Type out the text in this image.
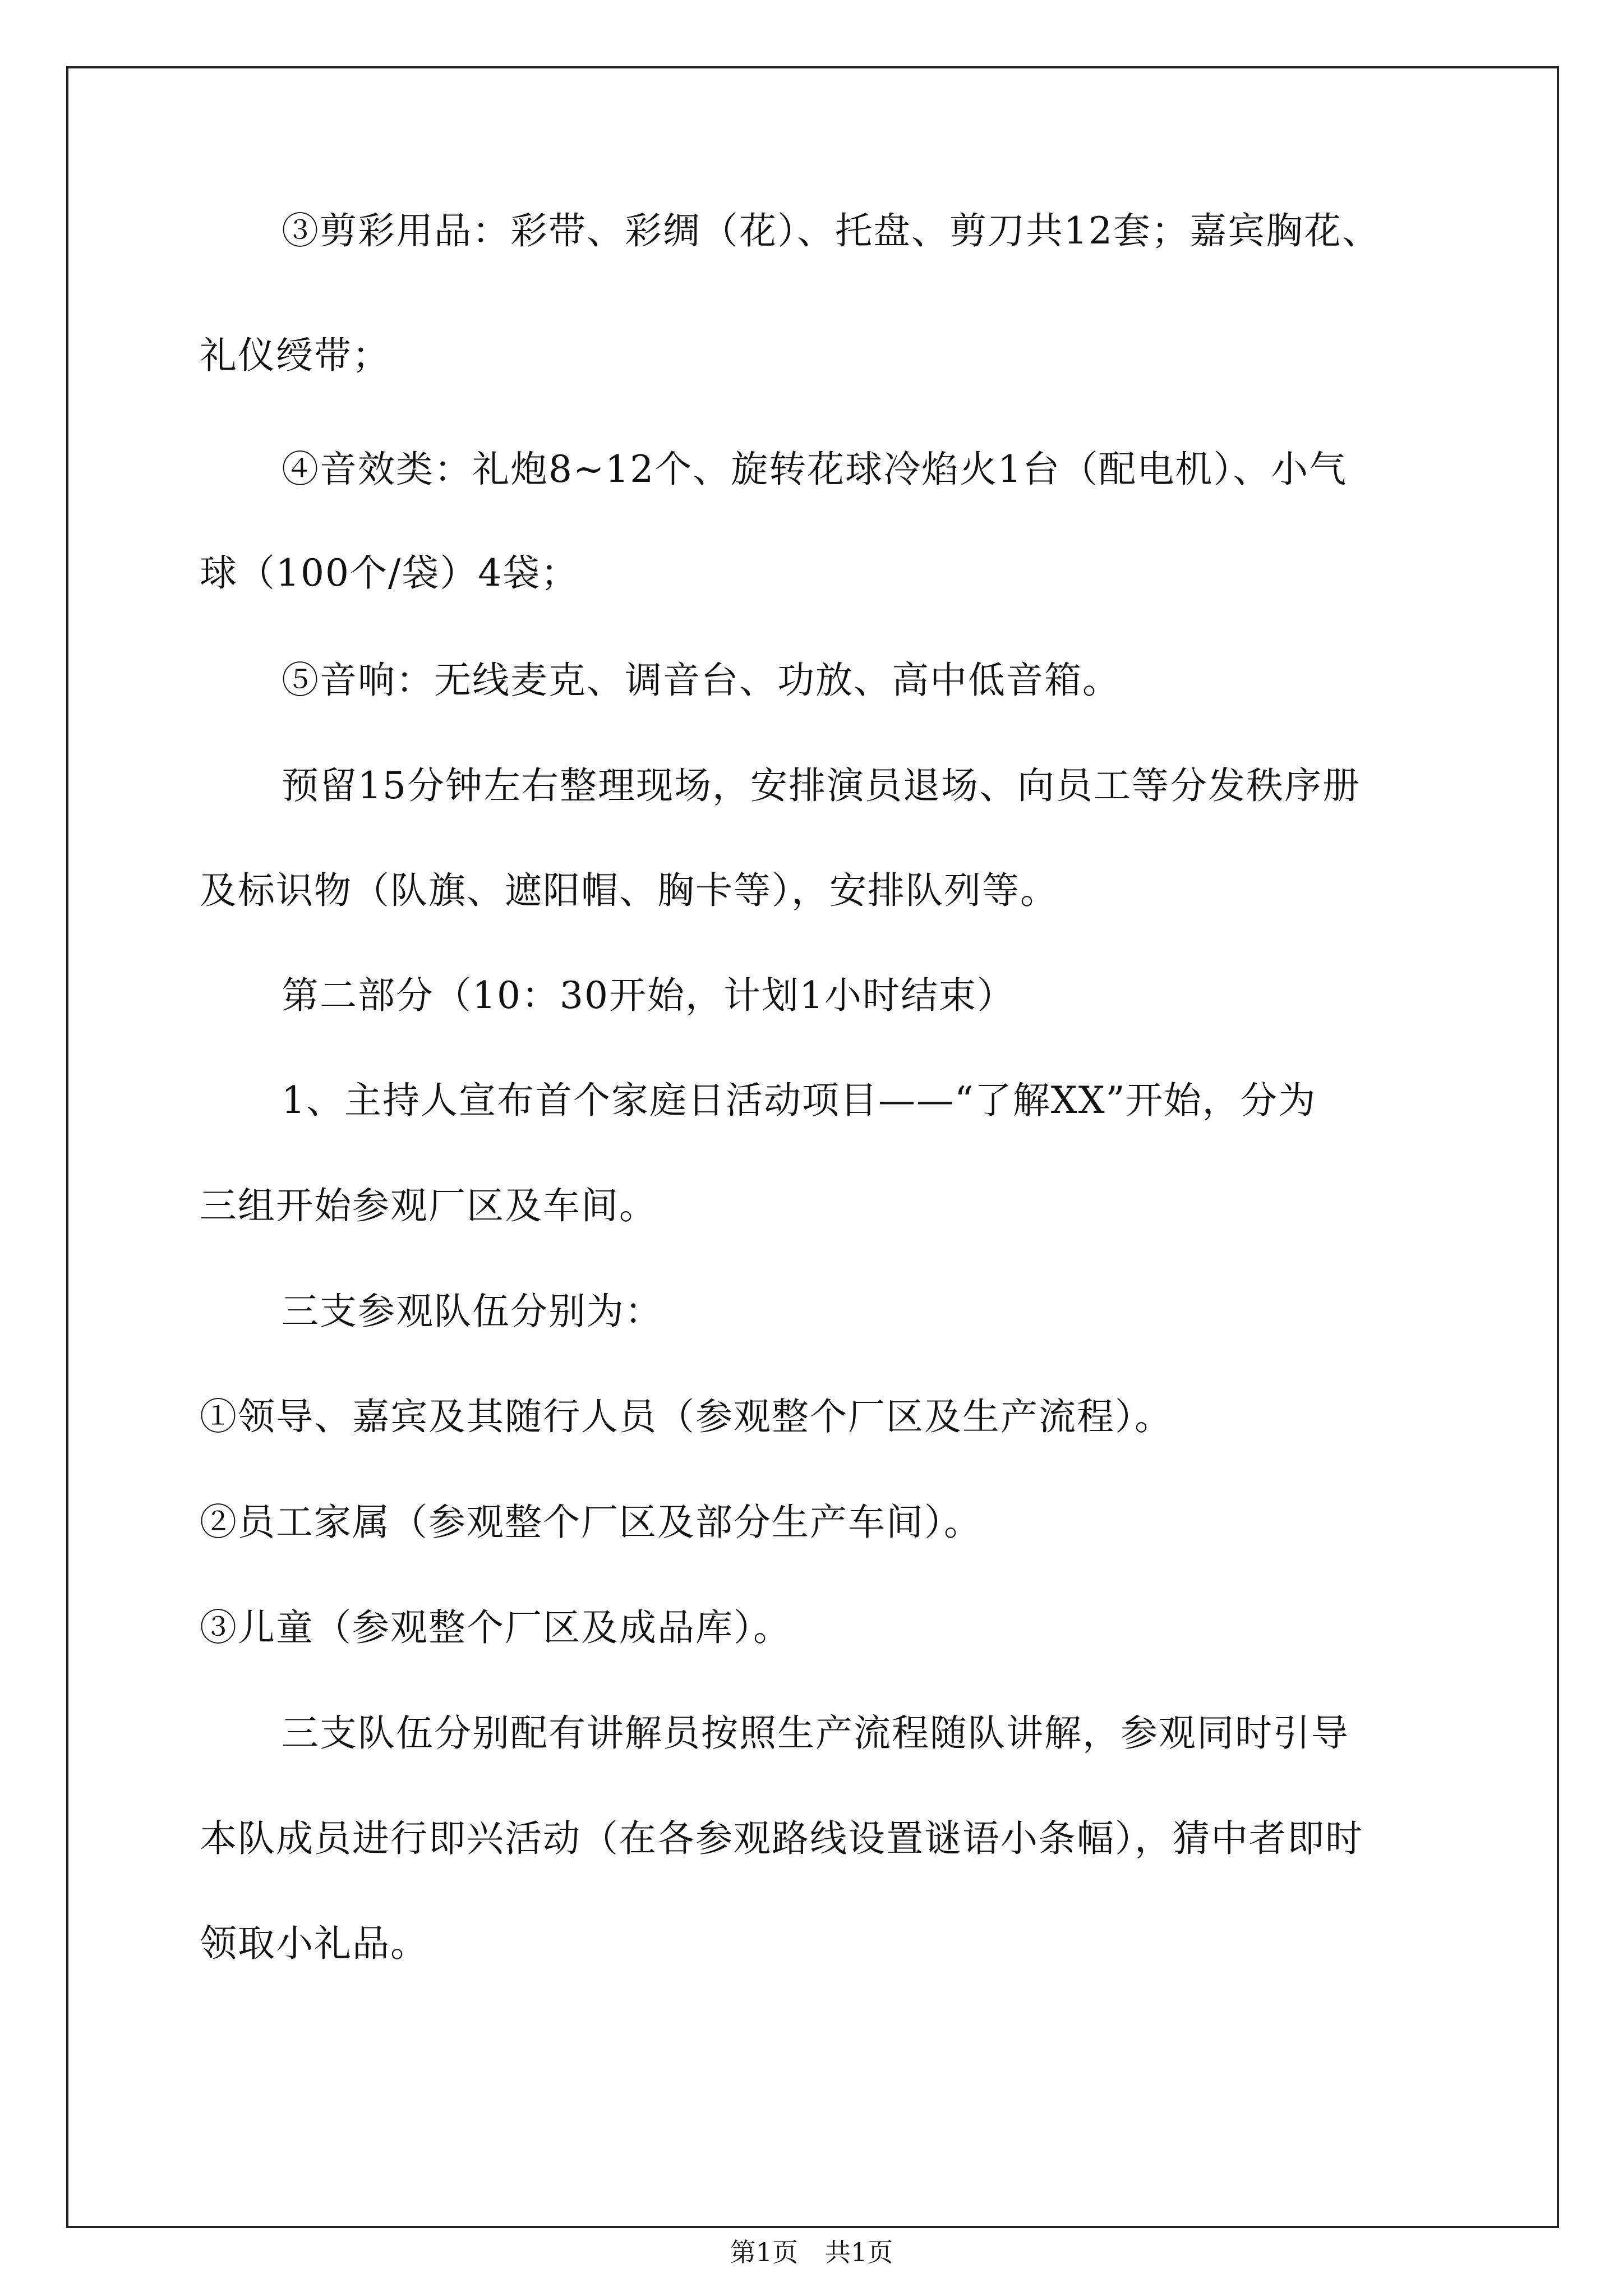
③剪彩用品：彩带、彩绸（花）、托盘、剪刀共12套；嘉宾胸花、
礼仪绶带；
④音效类：礼炮8~12个、旋转花球冷焰火1台（配电机）、小气
球（100个/袋）4袋；
⑤音响：无线麦克、调音台、功放、高中低音箱。
预留15分钟左右整理现场，安排演员退场、向员工等分发秩序册
及标识物（队旗、遮阳帽、胸卡等），安排队列等。
第二部分（10：30开始，计划1小时结束）
1、主持人宣布首个家庭日活动项目——“了解XX”开始，分为
三组开始参观厂区及车间。
三支参观队伍分别为：
①领导、嘉宾及其随行人员（参观整个厂区及生产流程）。
②员工家属（参观整个厂区及部分生产车间）。
③儿童（参观整个厂区及成品库）。
三支队伍分别配有讲解员按照生产流程随队讲解，参观同时引导
本队成员进行即兴活动（在各参观路线设置谜语小条幅），猜中者即时
领取小礼品。
第1页 共1页
